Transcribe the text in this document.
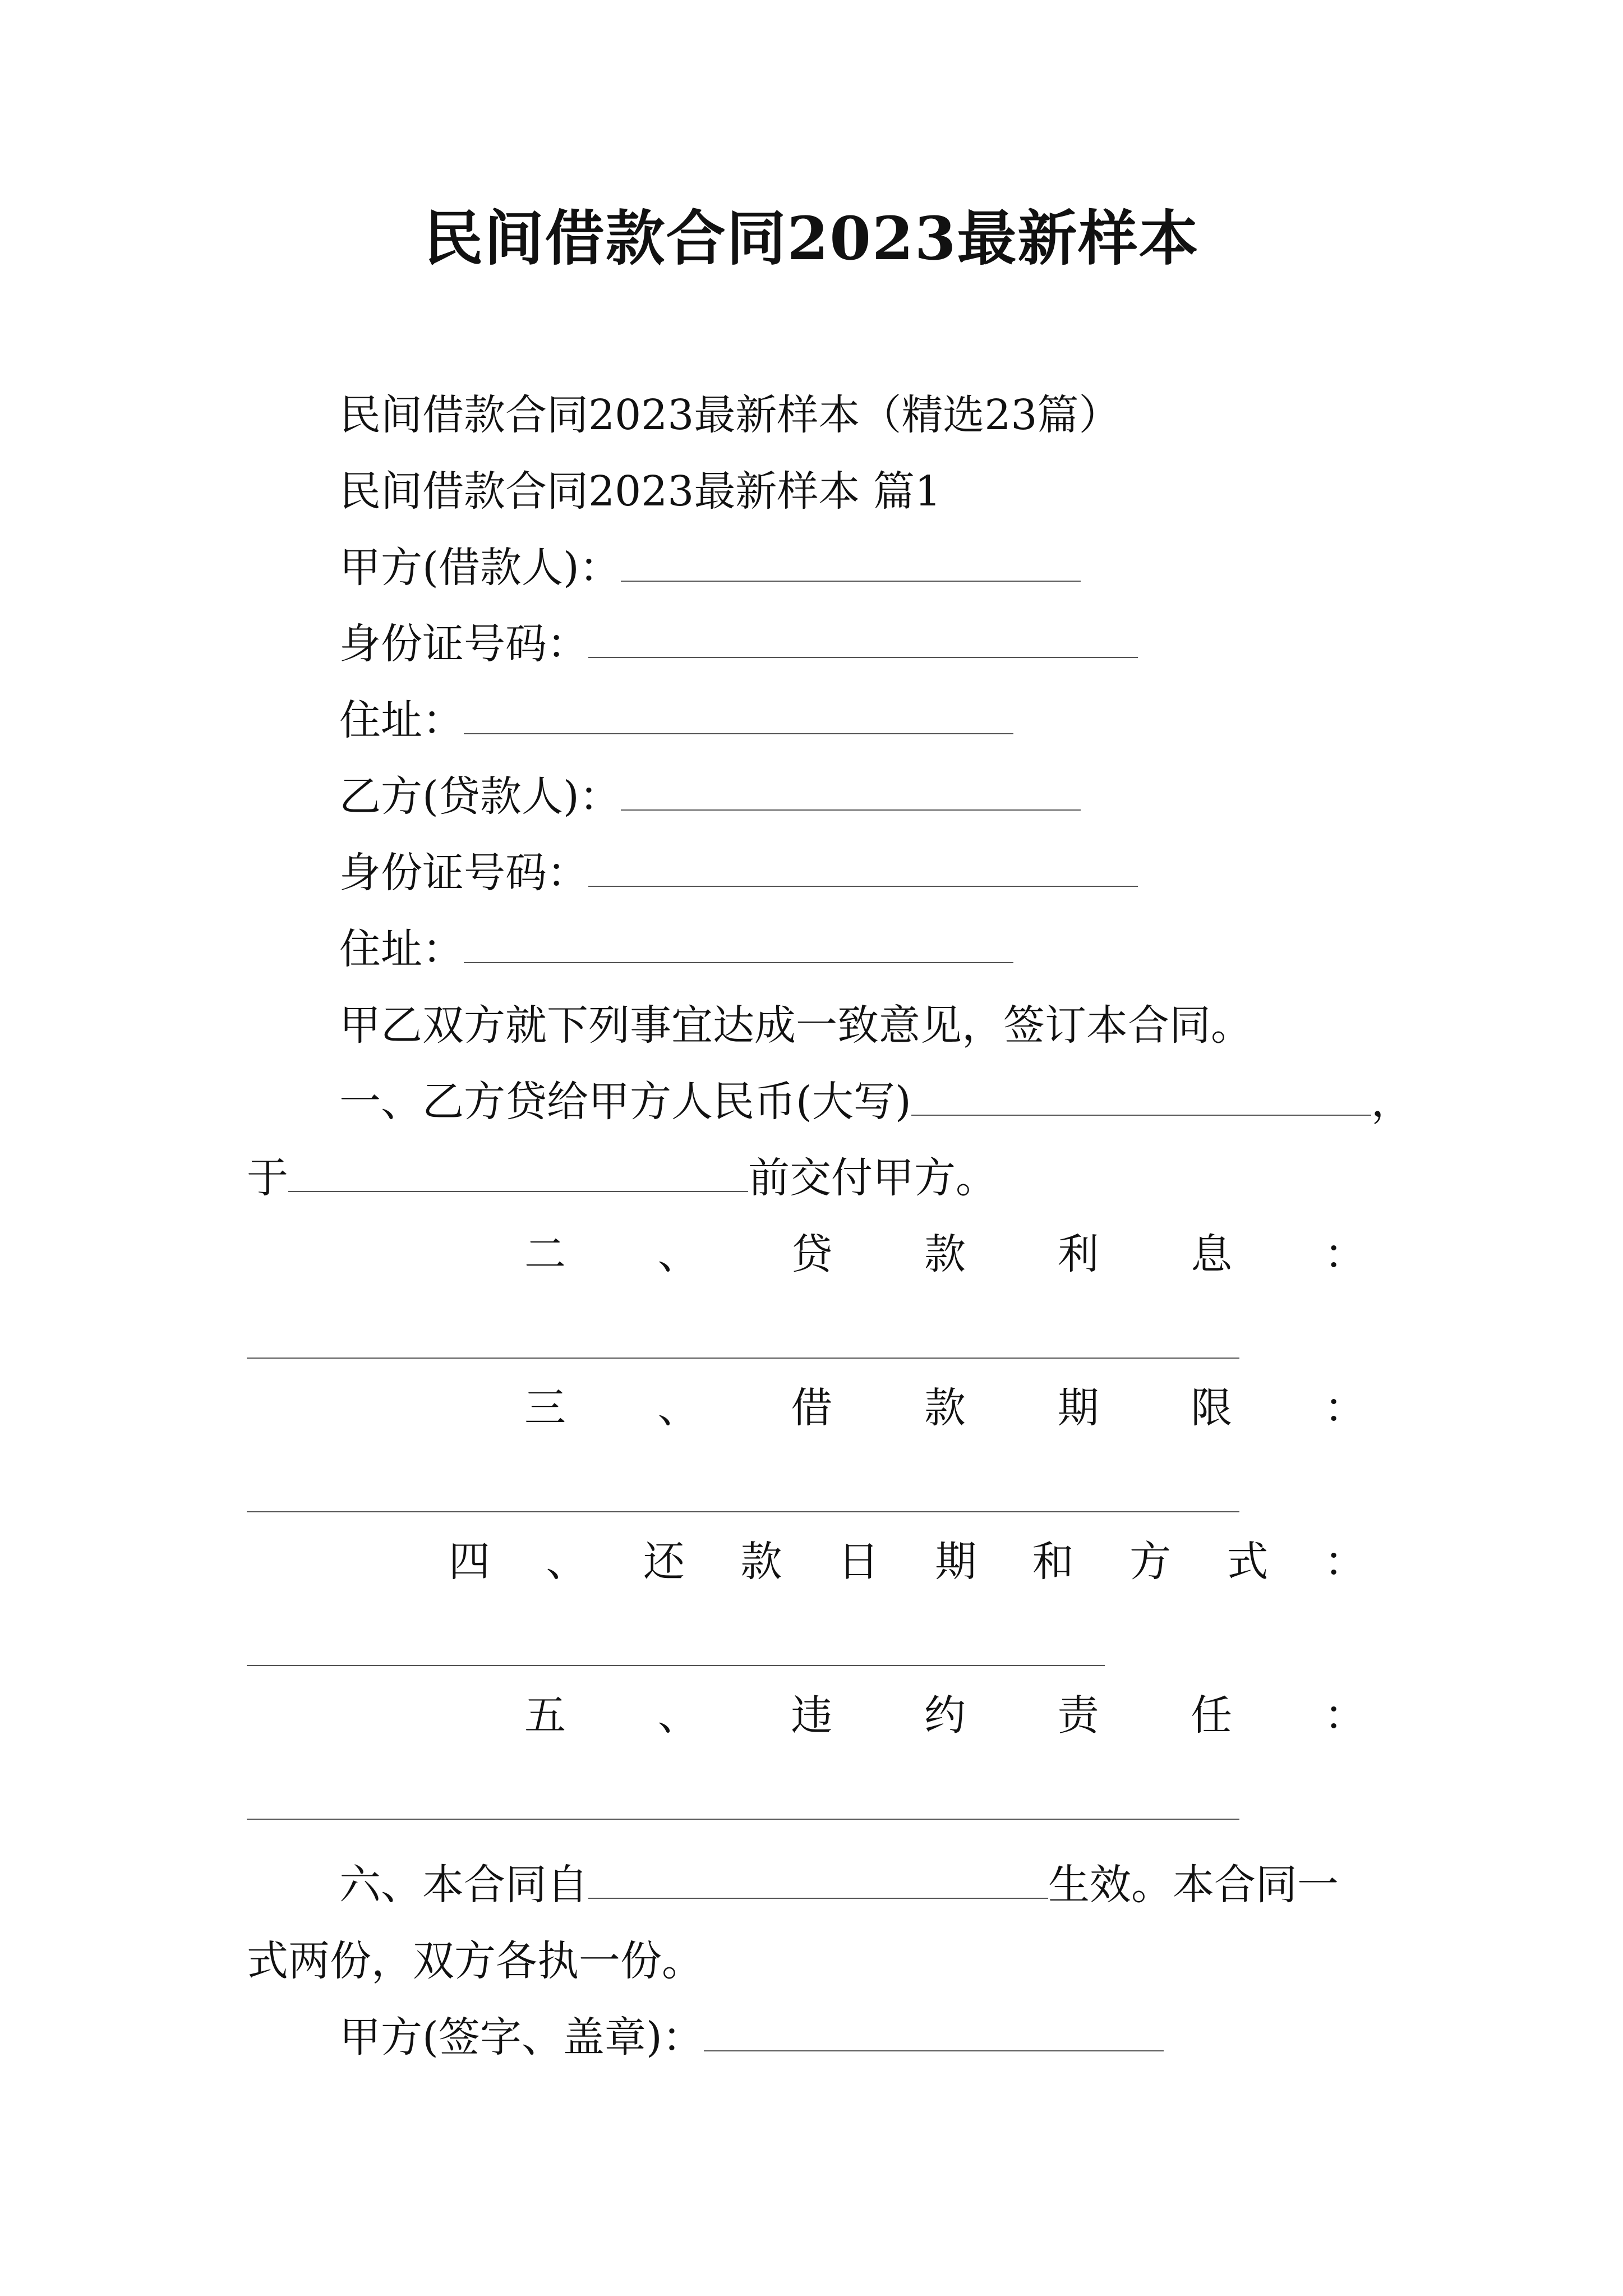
民间借款合同2023最新样本
民间借款合同2023最新样本（精选23篇）
民间借款合同2023最新样本 篇1
甲方(借款人)：
身份证号码：
住址：
乙方(贷款人)：
身份证号码：
住址：
甲乙双方就下列事宜达成一致意见，签订本合同。
一、乙方贷给甲方人民币(大写)	，
于	前交付甲方。
二 、 贷 款 利 息 ：
三 、 借 款 期 限 ：
四 、 还 款 日 期 和 方 式 ：
五 、 违 约 责 任 ：
六、本合同自	生效。本合同一
式两份，双方各执一份。
甲方(签字、盖章)：
